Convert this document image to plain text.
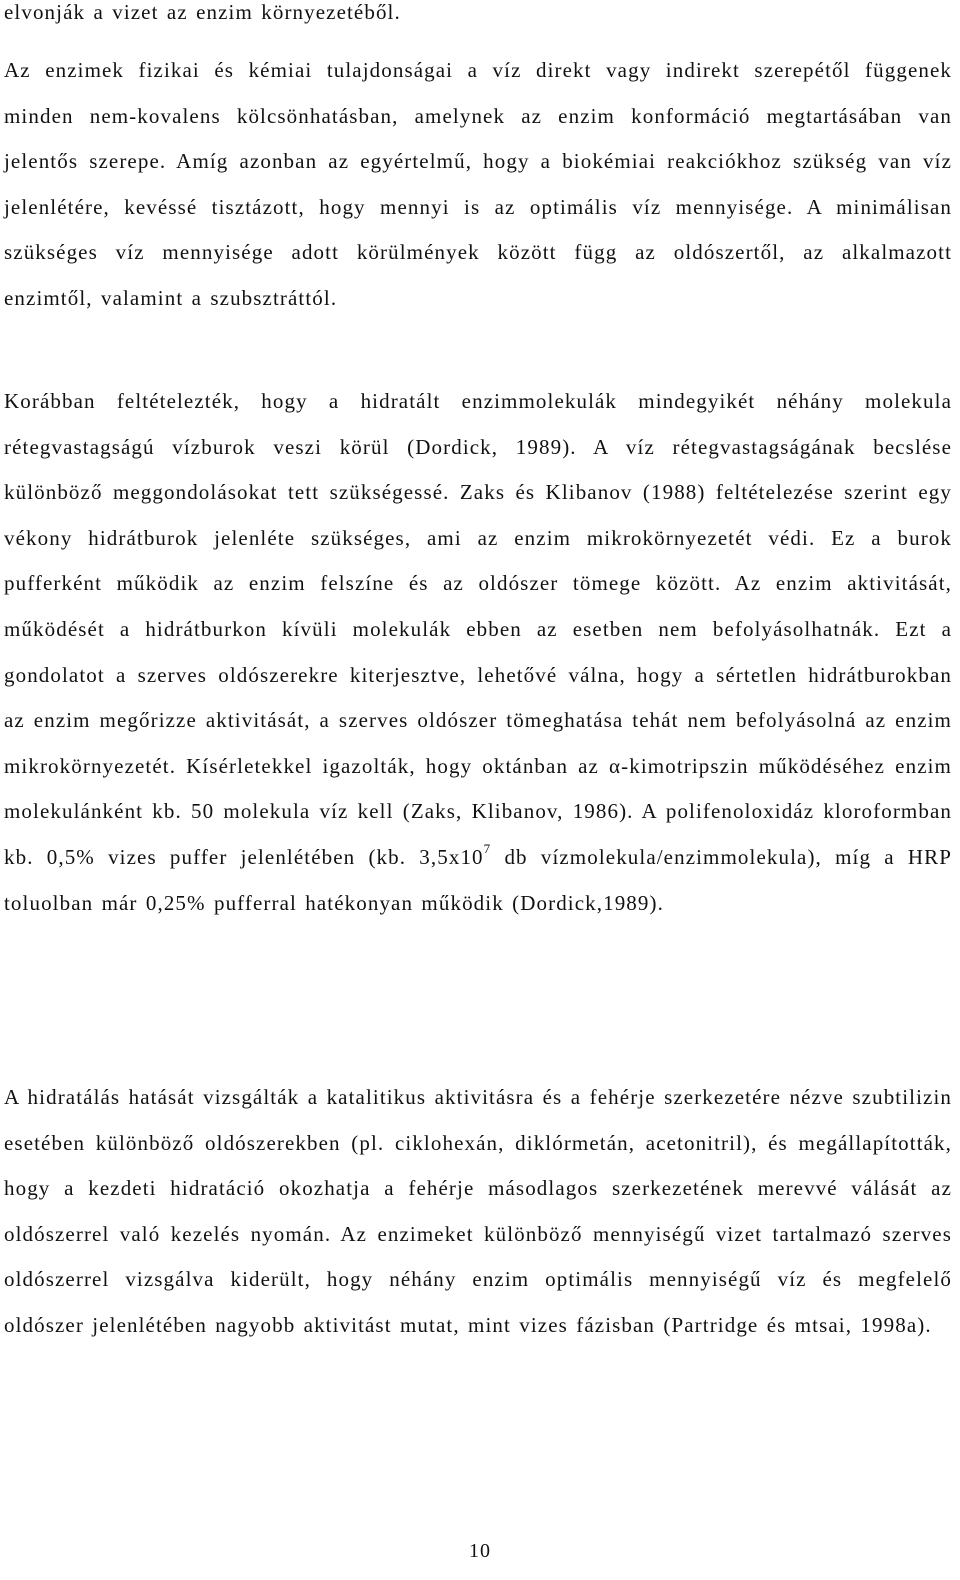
elvonják a vizet az enzim környezetéből.

Az enzimek fizikai és kémiai tulajdonságai a víz direkt vagy indirekt szerepétől függenek minden nem-kovalens kölcsönhatásban, amelynek az enzim konformáció megtartásában van jelentős szerepe. Amíg azonban az egyértelmű, hogy a biokémiai reakciókhoz szükség van víz jelenlétére, kevéssé tisztázott, hogy mennyi is az optimális víz mennyisége. A minimálisan szükséges víz mennyisége adott körülmények között függ az oldószertől, az alkalmazott enzimtől, valamint a szubsztráttól.

Korábban feltételezték, hogy a hidratált enzimmolekulák mindegyikét néhány molekula rétegvastagságú vízburok veszi körül (Dordick, 1989). A víz rétegvastagságának becslése különböző meggondolásokat tett szükségessé. Zaks és Klibanov (1988) feltételezése szerint egy vékony hidrátburok jelenléte szükséges, ami az enzim mikrokörnyezetét védi. Ez a burok pufferként működik az enzim felszíne és az oldószer tömege között. Az enzim aktivitását, működését a hidrátburkon kívüli molekulák ebben az esetben nem befolyásolhatnák. Ezt a gondolatot a szerves oldószerekre kiterjesztve, lehetővé válna, hogy a sértetlen hidrátburokban az enzim megőrizze aktivitását, a szerves oldószer tömeghatása tehát nem befolyásolná az enzim mikrokörnyezetét. Kísérletekkel igazolták, hogy oktánban az α-kimotripszin működéséhez enzim molekulánként kb. 50 molekula víz kell (Zaks, Klibanov, 1986). A polifenoloxidáz kloroformban kb. 0,5% vizes puffer jelenlétében (kb. $3,5x10^7$ db vízmolekula/enzimmolekula), míg a HRP toluolban már 0,25% pufferral hatékonyan működik (Dordick,1989).

A hidratálás hatását vizsgálták a katalitikus aktivitásra és a fehérje szerkezetére nézve szubtilizin esetében különböző oldószerekben (pl. ciklohexán, diklórmetán, acetonitril), és megállapították, hogy a kezdeti hidratáció okozhatja a fehérje másodlagos szerkezetének merevvé válását az oldószerrel való kezelés nyomán. Az enzimeket különböző mennyiségű vizet tartalmazó szerves oldószerrel vizsgálva kiderült, hogy néhány enzim optimális mennyiségű víz és megfelelő oldószer jelenlétében nagyobb aktivitást mutat, mint vizes fázisban (Partridge és mtsai, 1998a).

10
